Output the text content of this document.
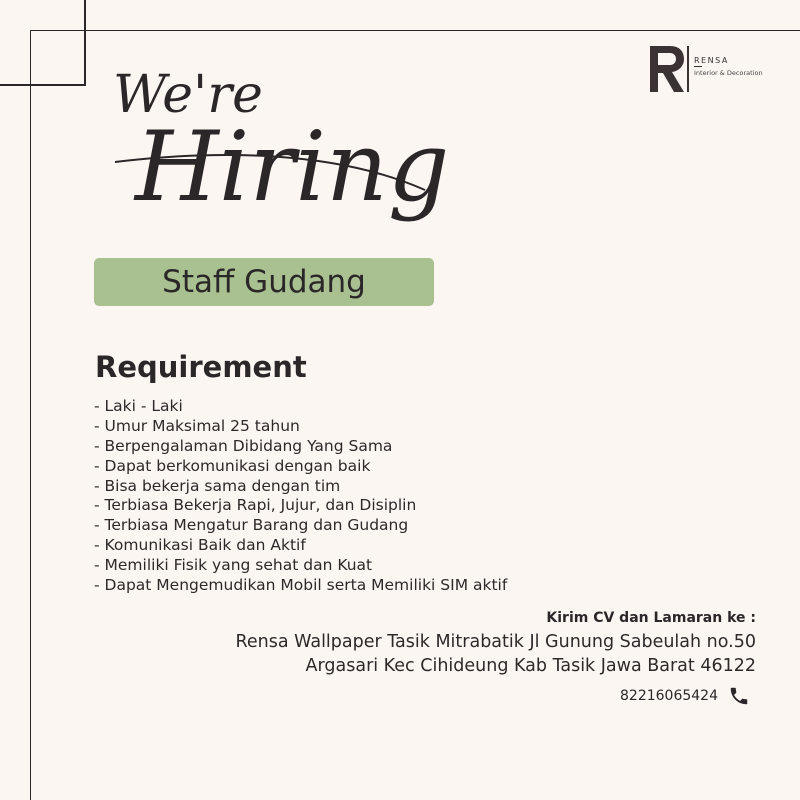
RENSA
Interior & Decoration
We're
Hiring
Staff Gudang
Requirement
- Laki - Laki
- Umur Maksimal 25 tahun
- Berpengalaman Dibidang Yang Sama
- Dapat berkomunikasi dengan baik
- Bisa bekerja sama dengan tim
- Terbiasa Bekerja Rapi, Jujur, dan Disiplin
- Terbiasa Mengatur Barang dan Gudang
- Komunikasi Baik dan Aktif
- Memiliki Fisik yang sehat dan Kuat
- Dapat Mengemudikan Mobil serta Memiliki SIM aktif
Kirim CV dan Lamaran ke :
Rensa Wallpaper Tasik Mitrabatik Jl Gunung Sabeulah no.50
Argasari Kec Cihideung Kab Tasik Jawa Barat 46122
82216065424
